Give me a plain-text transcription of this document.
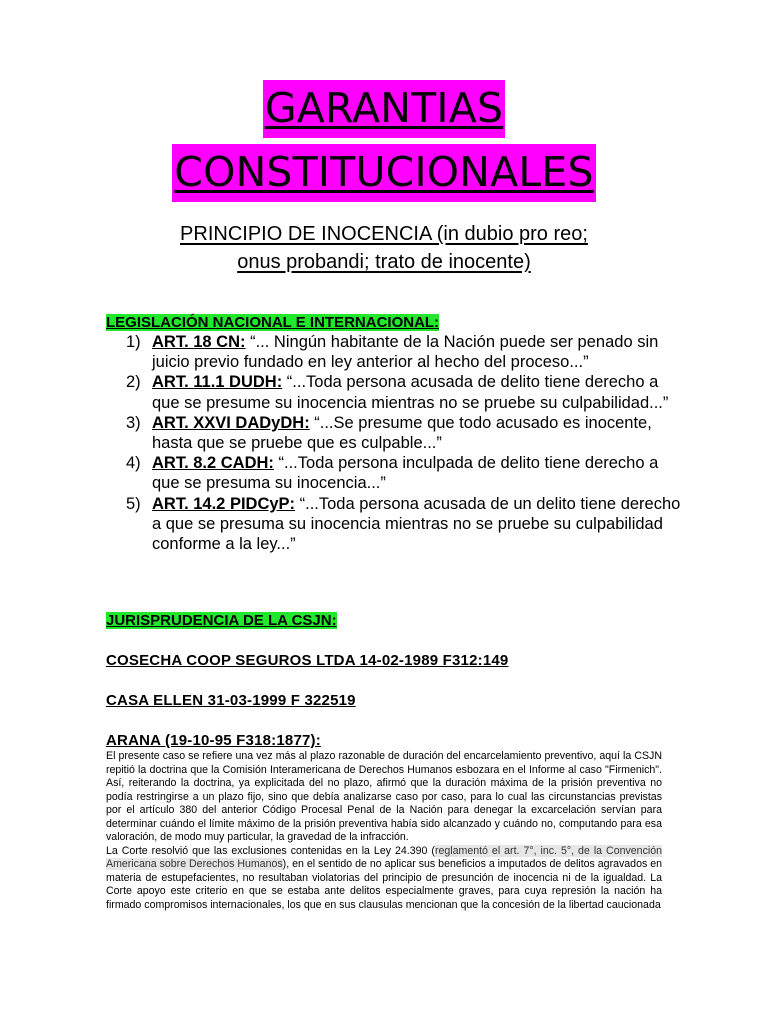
GARANTIAS
CONSTITUCIONALES
PRINCIPIO DE INOCENCIA (in dubio pro reo;
onus probandi; trato de inocente)
LEGISLACIÓN NACIONAL E INTERNACIONAL:
1) ART. 18 CN: “... Ningún habitante de la Nación puede ser penado sin juicio previo fundado en ley anterior al hecho del proceso...”
2) ART. 11.1 DUDH: “...Toda persona acusada de delito tiene derecho a que se presume su inocencia mientras no se pruebe su culpabilidad...”
3) ART. XXVI DADyDH: “...Se presume que todo acusado es inocente, hasta que se pruebe que es culpable...”
4) ART. 8.2 CADH: “...Toda persona inculpada de delito tiene derecho a que se presuma su inocencia...”
5) ART. 14.2 PIDCyP: “...Toda persona acusada de un delito tiene derecho a que se presuma su inocencia mientras no se pruebe su culpabilidad conforme a la ley...”
JURISPRUDENCIA DE LA CSJN:
COSECHA COOP SEGUROS LTDA 14-02-1989 F312:149
CASA ELLEN 31-03-1999 F 322519
ARANA (19-10-95 F318:1877):

El presente caso se refiere una vez más al plazo razonable de duración del encarcelamiento preventivo, aquí la CSJN repitió la doctrina que la Comisión Interamericana de Derechos Humanos esbozara en el Informe al caso "Firmenich". Así, reiterando la doctrina, ya explicitada del no plazo, afirmó que la duración máxima de la prisión preventiva no podía restringirse a un plazo fijo, sino que debía analizarse caso por caso, para lo cual las circunstancias previstas por el artículo 380 del anterior Código Procesal Penal de la Nación para denegar la excarcelación servían para determinar cuándo el límite máximo de la prisión preventiva había sido alcanzado y cuándo no, computando para esa valoración, de modo muy particular, la gravedad de la infracción.

La Corte resolvió que las exclusiones contenidas en la Ley 24.390 (reglamentó el art. 7°, inc. 5°, de la Convención Americana sobre Derechos Humanos), en el sentido de no aplicar sus beneficios a imputados de delitos agravados en materia de estupefacientes, no resultaban violatorias del principio de presunción de inocencia ni de la igualdad. La Corte apoyo este criterio en que se estaba ante delitos especialmente graves, para cuya represión la nación ha firmado compromisos internacionales, los que en sus clausulas mencionan que la concesión de la libertad caucionada
